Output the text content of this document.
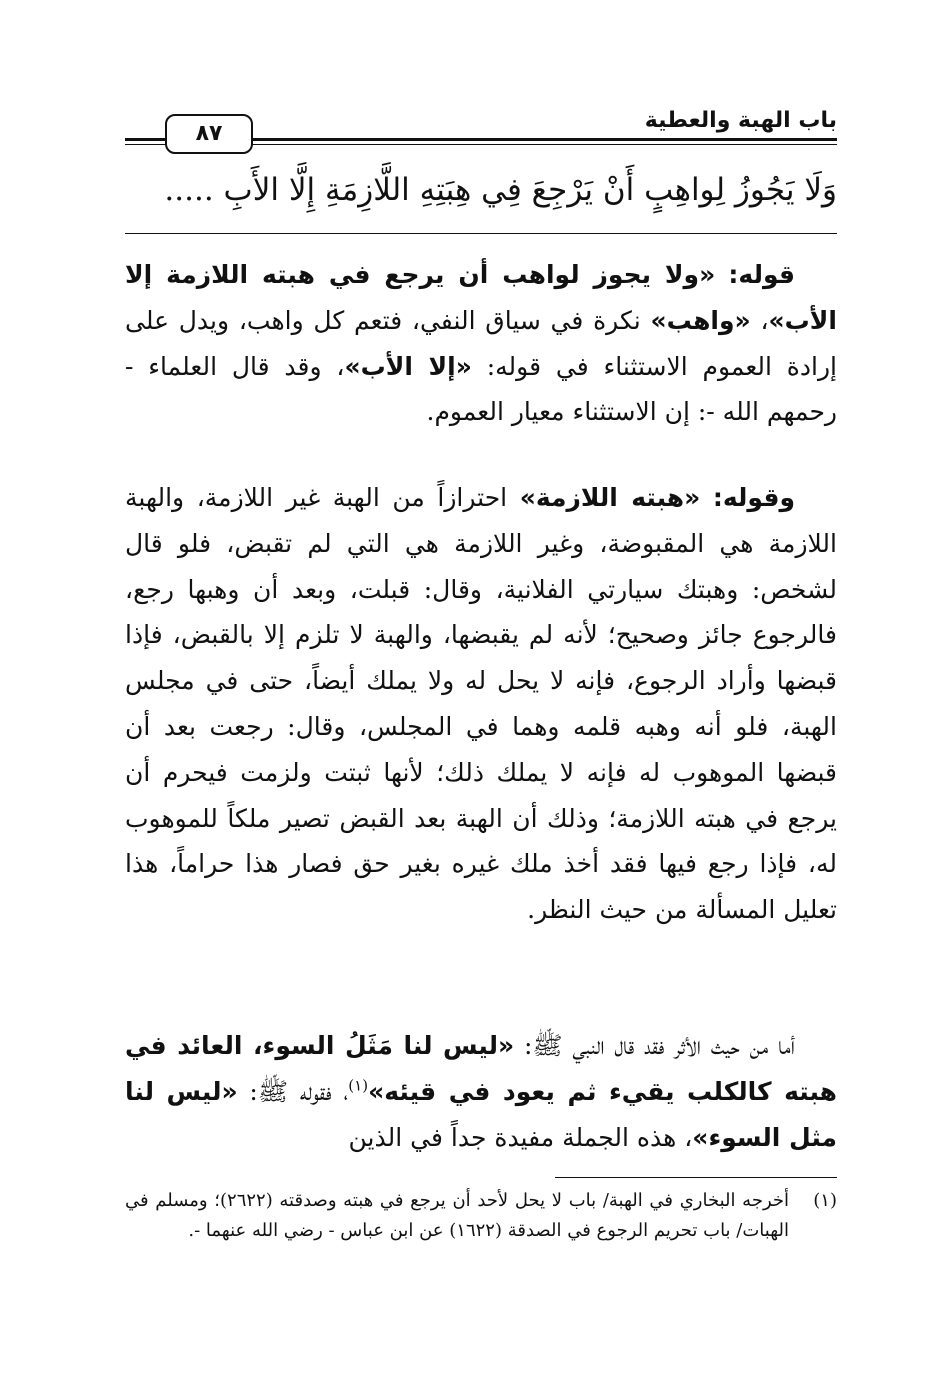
باب الهبة والعطية
٨٧
وَلَا يَجُوزُ لِواهِبٍ أَنْ يَرْجِعَ فِي هِبَتِهِ اللَّازِمَةِ إِلَّا الأَبِ .....
قوله: «ولا يجوز لواهب أن يرجع في هبته اللازمة إلا الأب»، «واهب» نكرة في سياق النفي، فتعم كل واهب، ويدل على إرادة العموم الاستثناء في قوله: «إلا الأب»، وقد قال العلماء - رحمهم الله -: إن الاستثناء معيار العموم.
وقوله: «هبته اللازمة» احترازاً من الهبة غير اللازمة، والهبة اللازمة هي المقبوضة، وغير اللازمة هي التي لم تقبض، فلو قال لشخص: وهبتك سيارتي الفلانية، وقال: قبلت، وبعد أن وهبها رجع، فالرجوع جائز وصحيح؛ لأنه لم يقبضها، والهبة لا تلزم إلا بالقبض، فإذا قبضها وأراد الرجوع، فإنه لا يحل له ولا يملك أيضاً، حتى في مجلس الهبة، فلو أنه وهبه قلمه وهما في المجلس، وقال: رجعت بعد أن قبضها الموهوب له فإنه لا يملك ذلك؛ لأنها ثبتت ولزمت فيحرم أن يرجع في هبته اللازمة؛ وذلك أن الهبة بعد القبض تصير ملكاً للموهوب له، فإذا رجع فيها فقد أخذ ملك غيره بغير حق فصار هذا حراماً، هذا تعليل المسألة من حيث النظر.
أما من حيث الأثر فقد قال النبي ﷺ: «ليس لنا مَثَلُ السوء، العائد في هبته كالكلب يقيء ثم يعود في قيئه»$^{(١)}$، فقوله ﷺ: «ليس لنا مثل السوء»، هذه الجملة مفيدة جداً في الذين
(١)
أخرجه البخاري في الهبة/ باب لا يحل لأحد أن يرجع في هبته وصدقته (٢٦٢٢)؛ ومسلم في الهبات/ باب تحريم الرجوع في الصدقة (١٦٢٢) عن ابن عباس - رضي الله عنهما -.
